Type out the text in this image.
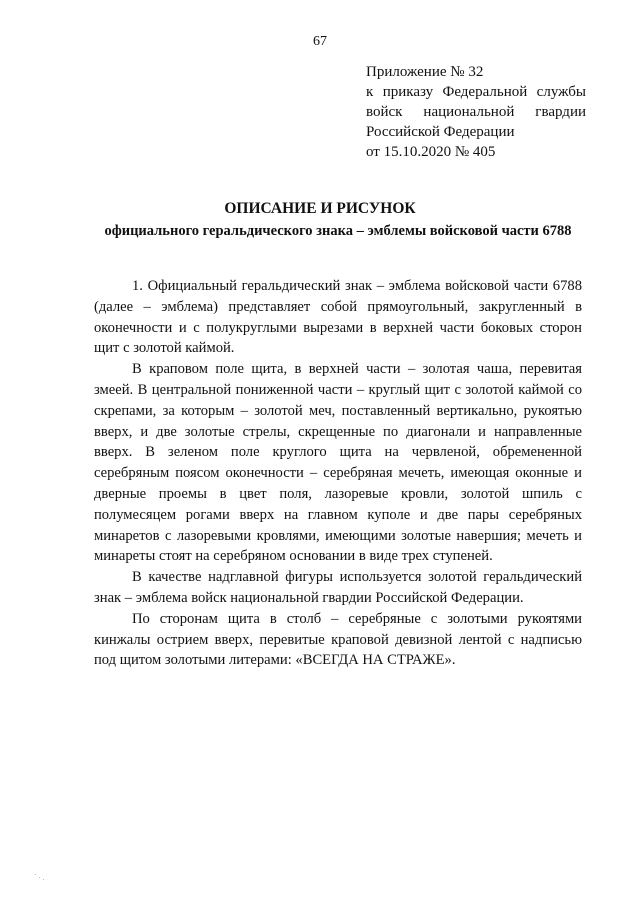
67
Приложение № 32
к приказу Федеральной службы
войск национальной гвардии
Российской Федерации
от 15.10.2020 № 405
ОПИСАНИЕ И РИСУНОК
официального геральдического знака – эмблемы войсковой части 6788

1. Официальный геральдический знак – эмблема войсковой части 6788 (далее – эмблема) представляет собой прямоугольный, закругленный в оконечности и с полукруглыми вырезами в верхней части боковых сторон щит с золотой каймой.

В краповом поле щита, в верхней части – золотая чаша, перевитая змеей. В центральной пониженной части – круглый щит с золотой каймой со скрепами, за которым – золотой меч, поставленный вертикально, рукоятью вверх, и две золотые стрелы, скрещенные по диагонали и направленные вверх. В зеленом поле круглого щита на червленой, обремененной серебряным поясом оконечности – серебряная мечеть, имеющая оконные и дверные проемы в цвет поля, лазоревые кровли, золотой шпиль с полумесяцем рогами вверх на главном куполе и две пары серебряных минаретов с лазоревыми кровлями, имеющими золотые навершия; мечеть и минареты стоят на серебряном основании в виде трех ступеней.

В качестве надглавной фигуры используется золотой геральдический знак – эмблема войск национальной гвардии Российской Федерации.

По сторонам щита в столб – серебряные с золотыми рукоятями кинжалы острием вверх, перевитые краповой девизной лентой с надписью под щитом золотыми литерами: «ВСЕГДА НА СТРАЖЕ».
